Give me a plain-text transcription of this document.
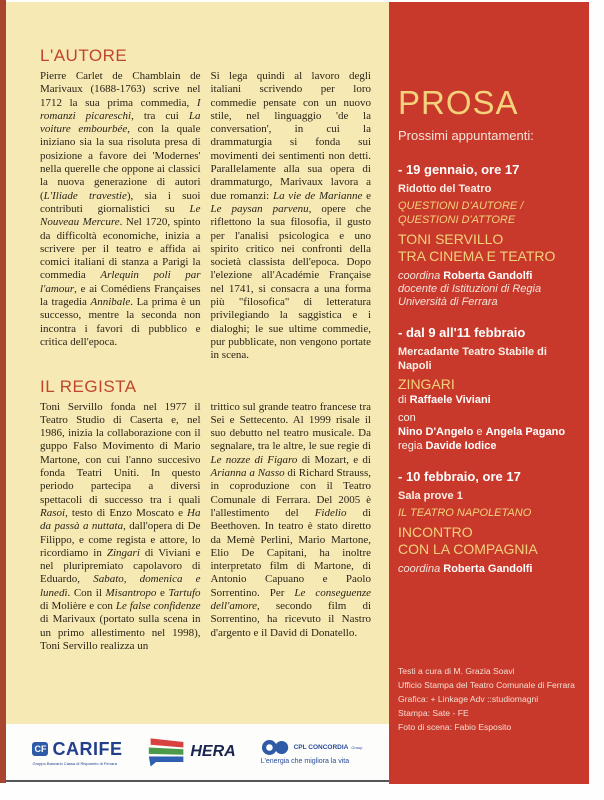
L'AUTORE

Pierre Carlet de Chamblain de Marivaux (1688-1763) scrive nel 1712 la sua prima commedia, I romanzi picareschi, tra cui La voiture embourbée, con la quale iniziano sia la sua risoluta presa di posizione a favore dei 'Modernes' nella querelle che oppone ai classici la nuova generazione di autori (L'Iliade travestie), sia i suoi contributi giornalistici su Le Nouveau Mercure. Nel 1720, spinto da difficoltà economiche, inizia a scrivere per il teatro e affida ai comici italiani di stanza a Parigi la commedia Arlequin poli par l'amour, e ai Comédiens Françaises la tragedia Annibale. La prima è un successo, mentre la seconda non incontra i favori di pubblico e critica dell'epoca.

Si lega quindi al lavoro degli italiani scrivendo per loro commedie pensate con un nuovo stile, nel linguaggio 'de la conversation', in cui la drammaturgia si fonda sui movimenti dei sentimenti non detti. Parallelamente alla sua opera di drammaturgo, Marivaux lavora a due romanzi: La vie de Marianne e Le paysan parvenu, opere che riflettono la sua filosofia, il gusto per l'analisi psicologica e uno spirito critico nei confronti della società classista dell'epoca. Dopo l'elezione all'Académie Française nel 1741, si consacra a una forma più "filosofica" di letteratura privilegiando la saggistica e i dialoghi; le sue ultime commedie, pur pubblicate, non vengono portate in scena.

IL REGISTA

Toni Servillo fonda nel 1977 il Teatro Studio di Caserta e, nel 1986, inizia la collaborazione con il guppo Falso Movimento di Mario Martone, con cui l'anno succesivo fonda Teatri Uniti. In questo periodo partecipa a diversi spettacoli di successo tra i quali Rasoi, testo di Enzo Moscato e Ha da passà a nuttata, dall'opera di De Filippo, e come regista e attore, lo ricordiamo in Zingari di Viviani e nel pluripremiato capolavoro di Eduardo, Sabato, domenica e lunedì. Con il Misantropo e Tartufo di Molière e con Le false confidenze di Marivaux (portato sulla scena in un primo allestimento nel 1998), Toni Servillo realizza un

trittico sul grande teatro francese tra Sei e Settecento. Al 1999 risale il suo debutto nel teatro musicale. Da segnalare, tra le altre, le sue regie di Le nozze di Figaro di Mozart, e di Arianna a Nasso di Richard Strauss, in coproduzione con il Teatro Comunale di Ferrara. Del 2005 è l'allestimento del Fidelio di Beethoven. In teatro è stato diretto da Memè Perlini, Mario Martone, Elio De Capitani, ha inoltre interpretato film di Martone, di Antonio Capuano e Paolo Sorrentino. Per Le conseguenze dell'amore, secondo film di Sorrentino, ha ricevuto il Nastro d'argento e il David di Donatello.

CF CARIFE
Gruppo Bancario Cassa di Risparmio di Ferrara
HERA	CPL CONCORDIA Group
L'energia che migliora la vita
PROSA
Prossimi appuntamenti:
- 19 gennaio, ore 17
Ridotto del Teatro
QUESTIONI D'AUTORE /
QUESTIONI D'ATTORE
TONI SERVILLO
TRA CINEMA E TEATRO
coordina Roberta Gandolfi
docente di Istituzioni di Regia
Università di Ferrara
- dal 9 all'11 febbraio
Mercadante Teatro Stabile di Napoli
ZINGARI
di Raffaele Viviani
con
Nino D'Angelo e Angela Pagano
regia Davide Iodice
- 10 febbraio, ore 17
Sala prove 1
IL TEATRO NAPOLETANO
INCONTRO
CON LA COMPAGNIA
coordina Roberta Gandolfi
Testi a cura di M. Grazia Soavi
Ufficio Stampa del Teatro Comunale di Ferrara
Grafica: + Linkage Adv ::studiomagni
Stampa: Sate - FE
Foto di scena: Fabio Esposito
